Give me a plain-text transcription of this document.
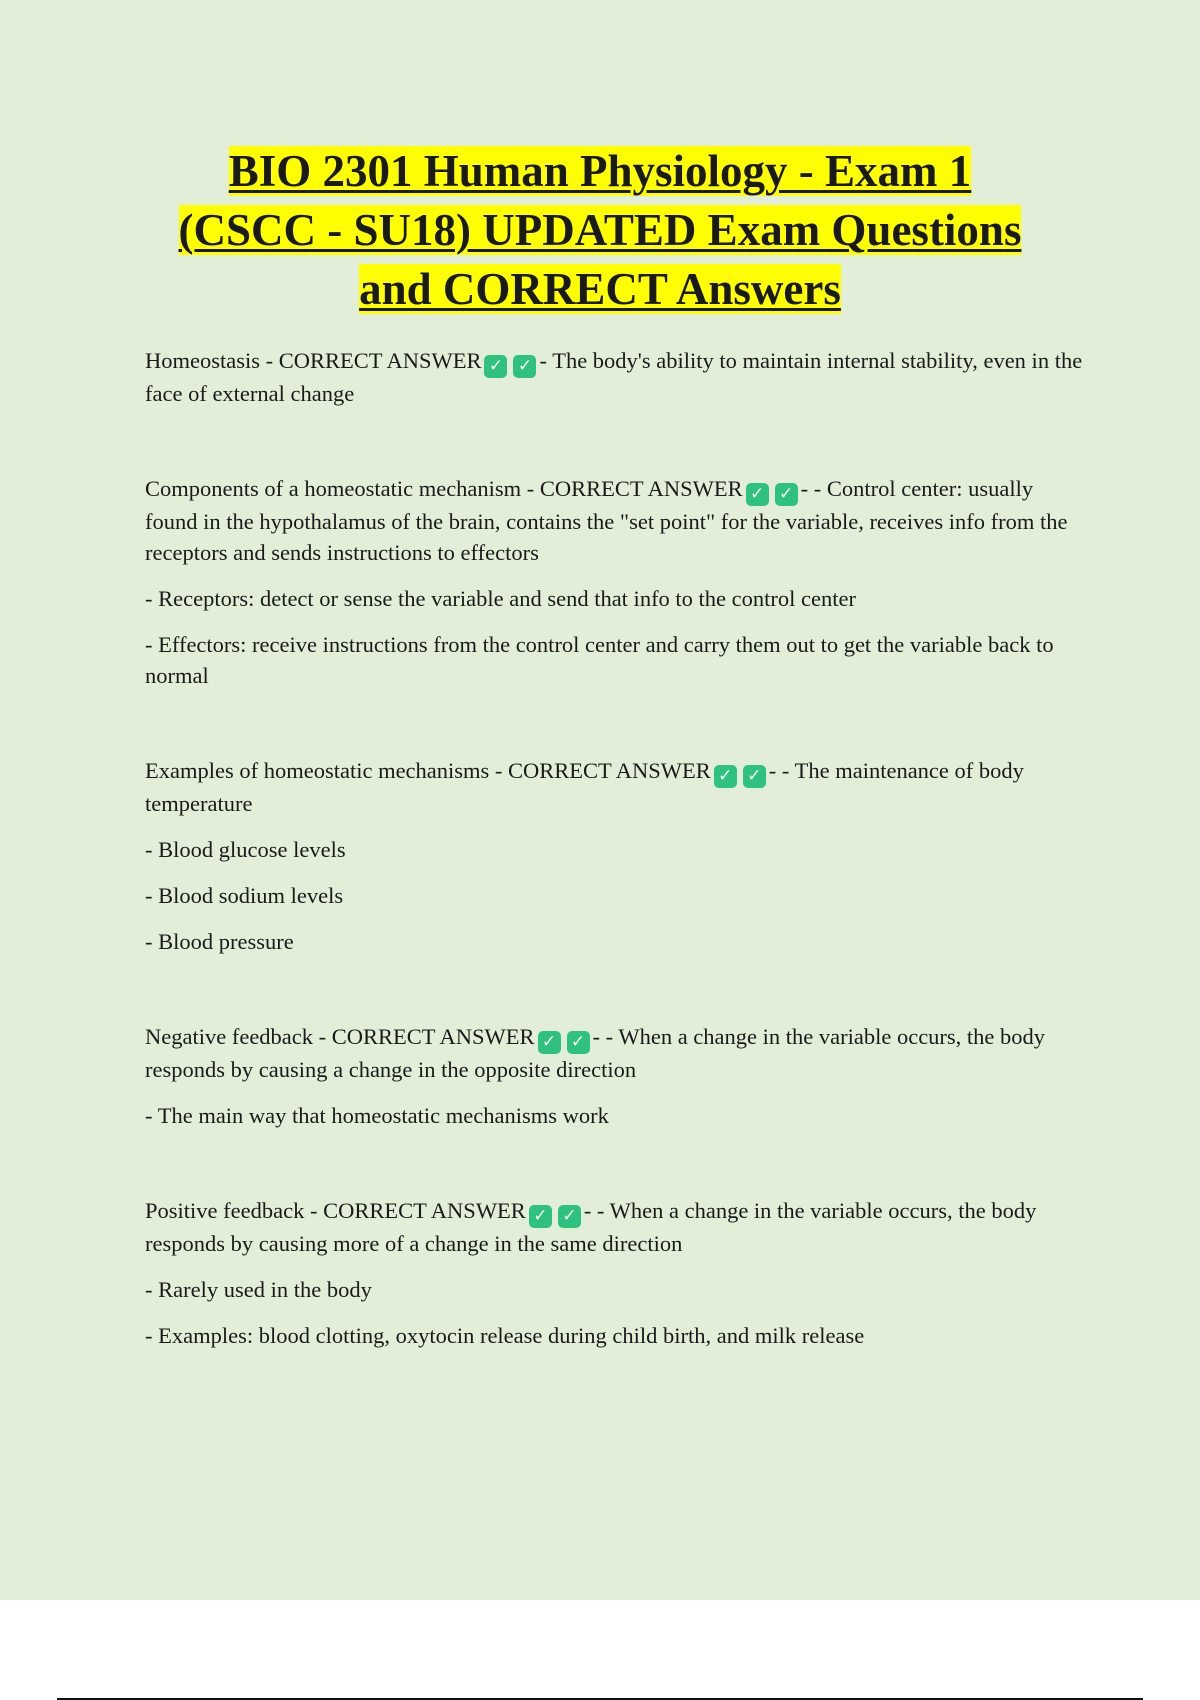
BIO 2301 Human Physiology - Exam 1
(CSCC - SU18) UPDATED Exam Questions
and CORRECT Answers

Homeostasis - CORRECT ANSWER ✓ ✓ - The body's ability to maintain internal stability, even in the face of external change

Components of a homeostatic mechanism - CORRECT ANSWER ✓ ✓ - - Control center: usually found in the hypothalamus of the brain, contains the "set point" for the variable, receives info from the receptors and sends instructions to effectors

- Receptors: detect or sense the variable and send that info to the control center

- Effectors: receive instructions from the control center and carry them out to get the variable back to normal

Examples of homeostatic mechanisms - CORRECT ANSWER ✓ ✓ - - The maintenance of body temperature

- Blood glucose levels

- Blood sodium levels

- Blood pressure

Negative feedback - CORRECT ANSWER ✓ ✓ - - When a change in the variable occurs, the body responds by causing a change in the opposite direction

- The main way that homeostatic mechanisms work

Positive feedback - CORRECT ANSWER ✓ ✓ - - When a change in the variable occurs, the body responds by causing more of a change in the same direction

- Rarely used in the body

- Examples: blood clotting, oxytocin release during child birth, and milk release
